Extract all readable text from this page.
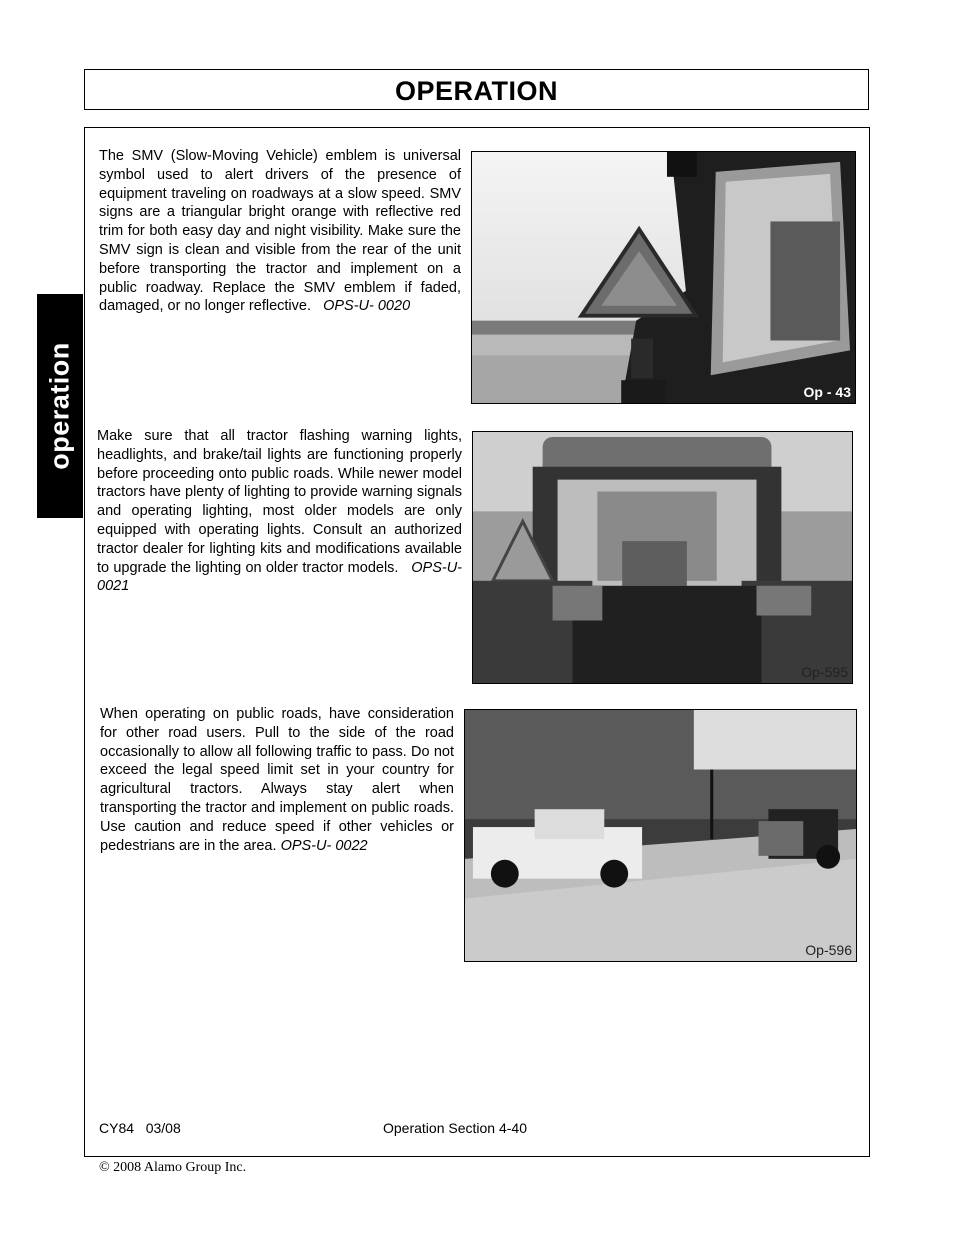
OPERATION
operation
The SMV (Slow-Moving Vehicle) emblem is universal symbol used to alert drivers of the presence of equipment traveling on roadways at a slow speed. SMV signs are a triangular bright orange with reflective red trim for both easy day and night visibility. Make sure the SMV sign is clean and visible from the rear of the unit before transporting the tractor and implement on a public roadway. Replace the SMV emblem if faded, damaged, or no longer reflective. OPS-U- 0020
Op - 43
Make sure that all tractor flashing warning lights, headlights, and brake/tail lights are functioning properly before proceeding onto public roads. While newer model tractors have plenty of lighting to provide warning signals and operating lighting, most older models are only equipped with operating lights. Consult an authorized tractor dealer for lighting kits and modifications available to upgrade the lighting on older tractor models. OPS-U- 0021
Op-595
When operating on public roads, have consideration for other road users. Pull to the side of the road occasionally to allow all following traffic to pass. Do not exceed the legal speed limit set in your country for agricultural tractors. Always stay alert when transporting the tractor and implement on public roads. Use caution and reduce speed if other vehicles or pedestrians are in the area. OPS-U- 0022
Op-596
CY84   03/08	Operation Section 4-40
© 2008 Alamo Group Inc.
